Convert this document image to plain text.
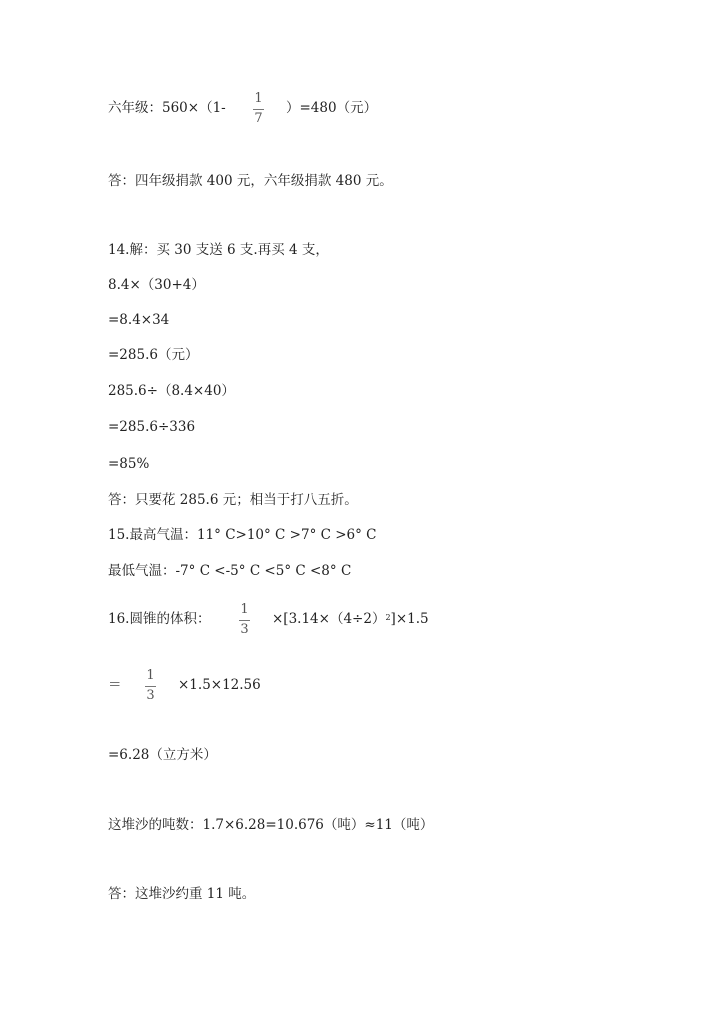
六年级：560×（1-
1
7
）=480（元）
答：四年级捐款 400 元，六年级捐款 480 元。
14.解：买 30 支送 6 支.再买 4 支，
8.4×（30+4）
=8.4×34
=285.6（元）
285.6÷（8.4×40）
=285.6÷336
=85%
答：只要花 285.6 元；相当于打八五折。
15.最高气温：11° C>10° C >7° C >6° C
最低气温：-7° C <-5° C <5° C <8° C
16.圆锥的体积：
1
3
$\times[3.14\times(4\div 2)^2]\times 1.5$
＝
1
3
×1.5×12.56
=6.28（立方米）
这堆沙的吨数：1.7×6.28=10.676（吨）≈11（吨）
答：这堆沙约重 11 吨。
